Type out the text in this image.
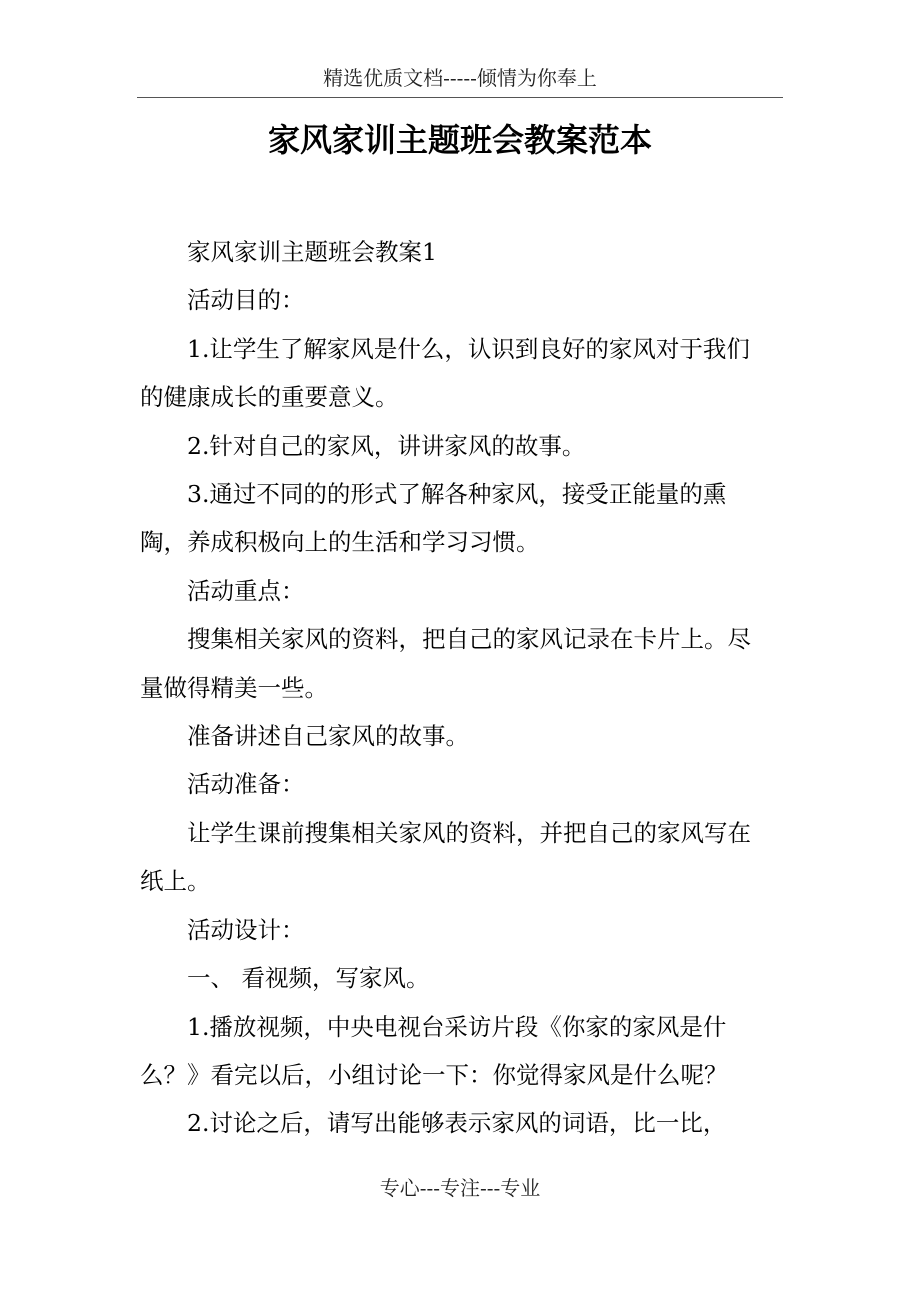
精选优质文档-----倾情为你奉上
家风家训主题班会教案范本

家风家训主题班会教案1

活动目的：

1.让学生了解家风是什么，认识到良好的家风对于我们的健康成长的重要意义。

2.针对自己的家风，讲讲家风的故事。

3.通过不同的的形式了解各种家风，接受正能量的熏陶，养成积极向上的生活和学习习惯。

活动重点：

搜集相关家风的资料，把自己的家风记录在卡片上。尽量做得精美一些。

准备讲述自己家风的故事。

活动准备：

让学生课前搜集相关家风的资料，并把自己的家风写在纸上。

活动设计：

一、 看视频，写家风。

1.播放视频，中央电视台采访片段《你家的家风是什么？》看完以后，小组讨论一下：你觉得家风是什么呢？

2.讨论之后，请写出能够表示家风的词语，比一比，

专心---专注---专业
